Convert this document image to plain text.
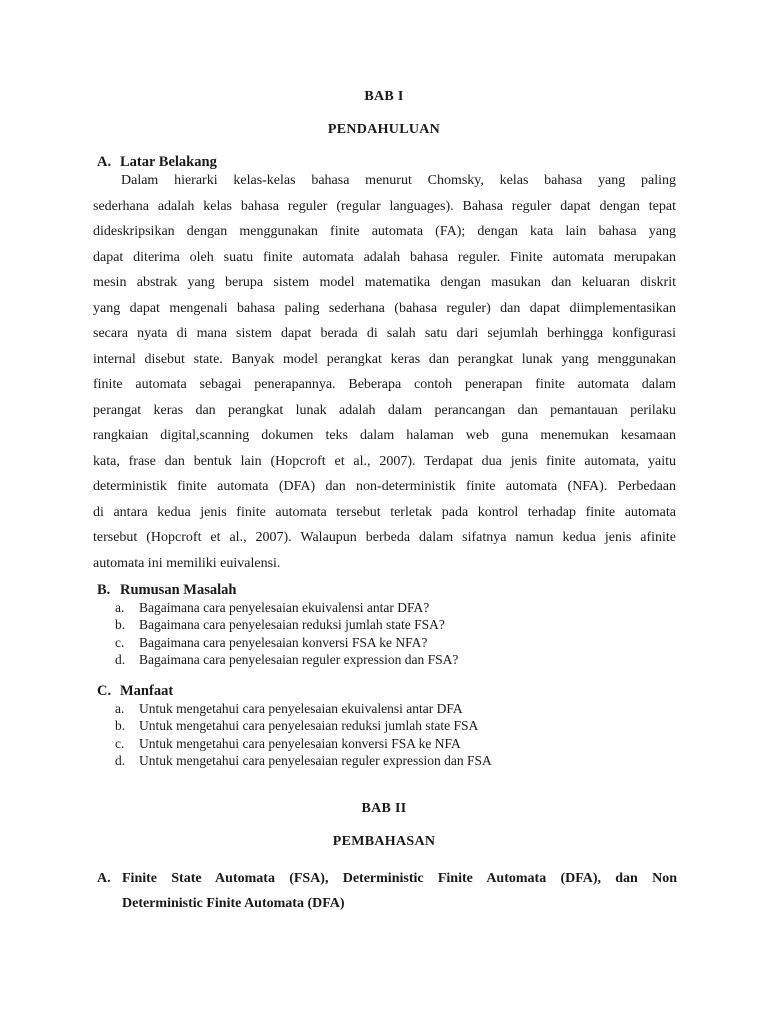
BAB I
PENDAHULUAN
A. Latar Belakang
Dalam hierarki kelas-kelas bahasa menurut Chomsky, kelas bahasa yang paling
sederhana adalah kelas bahasa reguler (regular languages). Bahasa reguler dapat dengan tepat
dideskripsikan dengan menggunakan finite automata (FA); dengan kata lain bahasa yang
dapat diterima oleh suatu finite automata adalah bahasa reguler. Finite automata merupakan
mesin abstrak yang berupa sistem model matematika dengan masukan dan keluaran diskrit
yang dapat mengenali bahasa paling sederhana (bahasa reguler) dan dapat diimplementasikan
secara nyata di mana sistem dapat berada di salah satu dari sejumlah berhingga konfigurasi
internal disebut state. Banyak model perangkat keras dan perangkat lunak yang menggunakan
finite automata sebagai penerapannya. Beberapa contoh penerapan finite automata dalam
perangat keras dan perangkat lunak adalah dalam perancangan dan pemantauan perilaku
rangkaian digital,scanning dokumen teks dalam halaman web guna menemukan kesamaan
kata, frase dan bentuk lain (Hopcroft et al., 2007). Terdapat dua jenis finite automata, yaitu
deterministik finite automata (DFA) dan non-deterministik finite automata (NFA). Perbedaan
di antara kedua jenis finite automata tersebut terletak pada kontrol terhadap finite automata
tersebut (Hopcroft et al., 2007). Walaupun berbeda dalam sifatnya namun kedua jenis afinite
automata ini memiliki euivalensi.
B. Rumusan Masalah
a. Bagaimana cara penyelesaian ekuivalensi antar DFA?
b. Bagaimana cara penyelesaian reduksi jumlah state FSA?
c. Bagaimana cara penyelesaian konversi FSA ke NFA?
d. Bagaimana cara penyelesaian reguler expression dan FSA?
C. Manfaat
a. Untuk mengetahui cara penyelesaian ekuivalensi antar DFA
b. Untuk mengetahui cara penyelesaian reduksi jumlah state FSA
c. Untuk mengetahui cara penyelesaian konversi FSA ke NFA
d. Untuk mengetahui cara penyelesaian reguler expression dan FSA
BAB II
PEMBAHASAN
A. Finite State Automata (FSA), Deterministic Finite Automata (DFA), dan Non
Deterministic Finite Automata (DFA)
